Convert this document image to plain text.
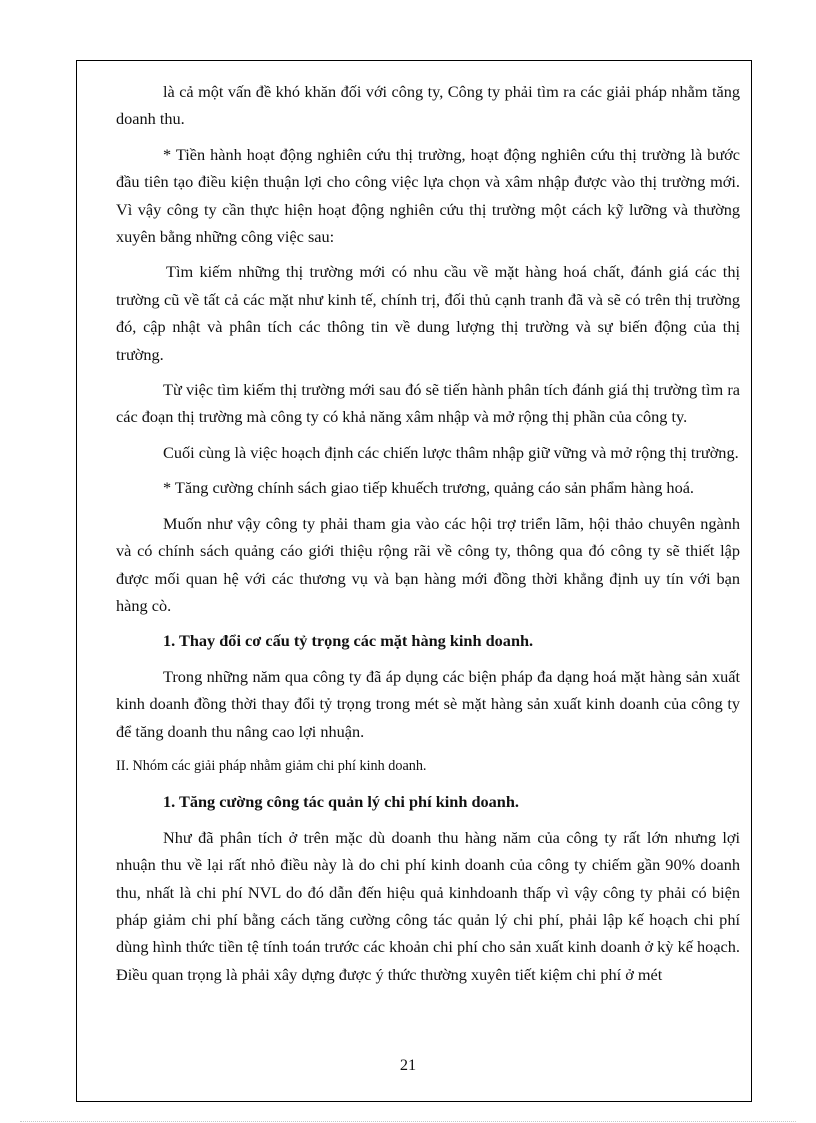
là cả một vấn đề khó khăn đối với công ty, Công ty phải tìm ra các giải pháp nhằm tăng doanh thu.

* Tiền hành hoạt động nghiên cứu thị trường, hoạt động nghiên cứu thị trường là bước đầu tiên tạo điều kiện thuận lợi cho công việc lựa chọn và xâm nhập được vào thị trường mới. Vì vậy công ty cần thực hiện hoạt động nghiên cứu thị trường một cách kỹ lưỡng và thường xuyên bằng những công việc sau:

Tìm kiếm những thị trường mới có nhu cầu về mặt hàng hoá chất, đánh giá các thị trường cũ về tất cả các mặt như kinh tế, chính trị, đối thủ cạnh tranh đã và sẽ có trên thị trường đó, cập nhật và phân tích các thông tin về dung lượng thị trường và sự biến động của thị trường.

Từ việc tìm kiếm thị trường mới sau đó sẽ tiến hành phân tích đánh giá thị trường tìm ra các đoạn thị trường mà công ty có khả năng xâm nhập và mở rộng thị phần của công ty.

Cuối cùng là việc hoạch định các chiến lược thâm nhập giữ vững và mở rộng thị trường.

* Tăng cường chính sách giao tiếp khuếch trương, quảng cáo sản phẩm hàng hoá.

Muốn như vậy công ty phải tham gia vào các hội trợ triển lãm, hội thảo chuyên ngành và có chính sách quảng cáo giới thiệu rộng rãi về công ty, thông qua đó công ty sẽ thiết lập được mối quan hệ với các thương vụ và bạn hàng mới đồng thời khẳng định uy tín với bạn hàng cò.

1. Thay đổi cơ cấu tỷ trọng các mặt hàng kinh doanh.

Trong những năm qua công ty đã áp dụng các biện pháp đa dạng hoá mặt hàng sản xuất kinh doanh đồng thời thay đổi tỷ trọng trong mét sè mặt hàng sản xuất kinh doanh của công ty để tăng doanh thu nâng cao lợi nhuận.

II. Nhóm các giải pháp nhằm giảm chi phí kinh doanh.

1. Tăng cường công tác quản lý chi phí kinh doanh.

Như đã phân tích ở trên mặc dù doanh thu hàng năm của công ty rất lớn nhưng lợi nhuận thu về lại rất nhỏ điều này là do chi phí kinh doanh của công ty chiếm gần 90% doanh thu, nhất là chi phí NVL do đó dẫn đến hiệu quả kinhdoanh thấp vì vậy công ty phải có biện pháp giảm chi phí bằng cách tăng cường công tác quản lý chi phí, phải lập kế hoạch chi phí dùng hình thức tiền tệ tính toán trước các khoản chi phí cho sản xuất kinh doanh ở kỳ kế hoạch. Điều quan trọng là phải xây dựng được ý thức thường xuyên tiết kiệm chi phí ở mét

21
